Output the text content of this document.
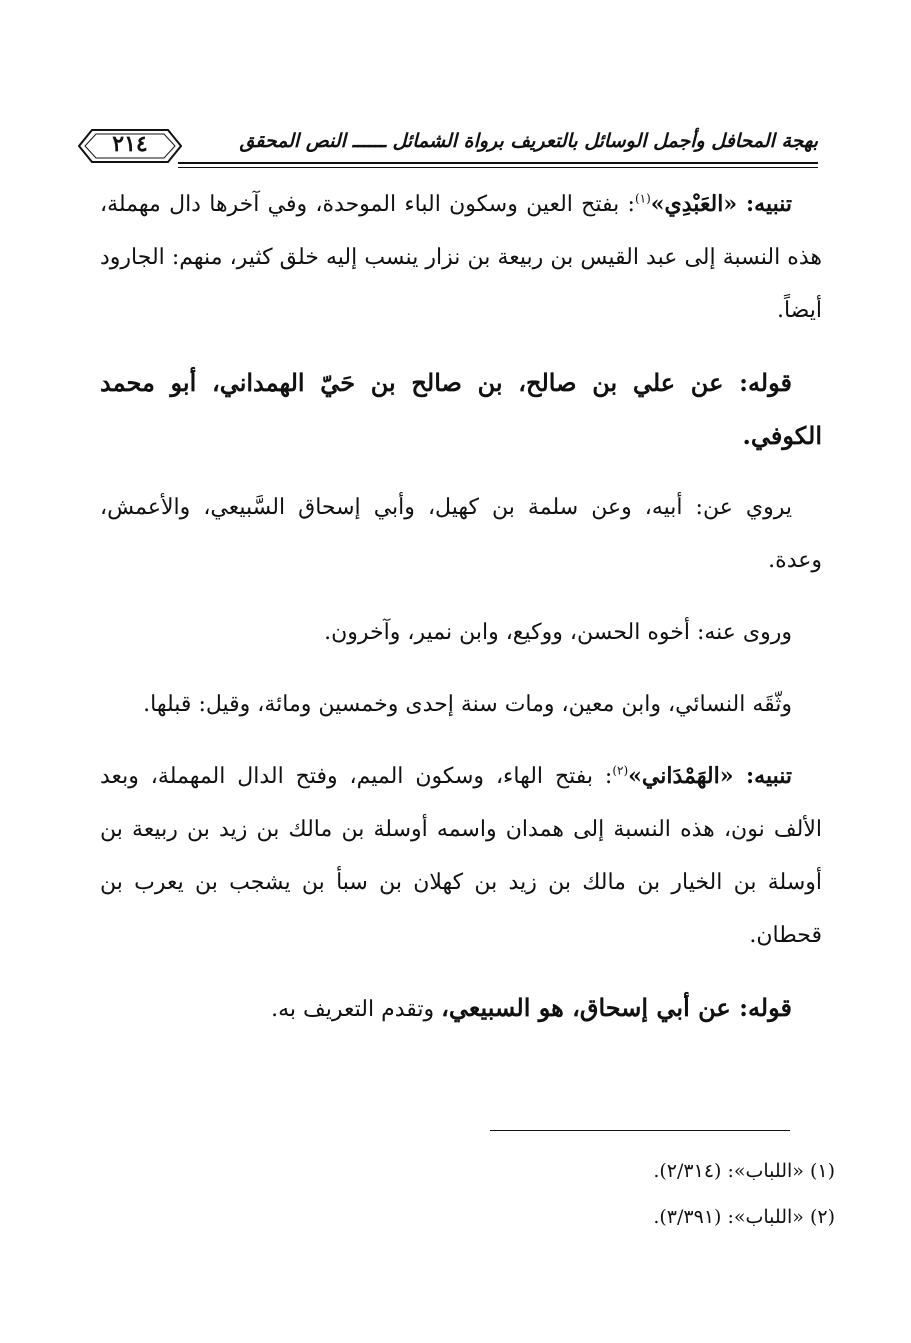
بهجة المحافل وأجمل الوسائل بالتعريف برواة الشمائل ــــــ النص المحقق
٢١٤

تنبيه: «العَبْدِي»$^{(١)}$: بفتح العين وسكون الباء الموحدة، وفي آخرها دال مهملة، هذه النسبة إلى عبد القيس بن ربيعة بن نزار ينسب إليه خلق كثير، منهم: الجارود أيضاً.

قوله: عن علي بن صالح، بن صالح بن حَيّ الهمداني، أبو محمد الكوفي.

يروي عن: أبيه، وعن سلمة بن كهيل، وأبي إسحاق السَّبيعي، والأعمش، وعدة.

وروى عنه: أخوه الحسن، ووكيع، وابن نمير، وآخرون.

وثّقَه النسائي، وابن معين، ومات سنة إحدى وخمسين ومائة، وقيل: قبلها.

تنبيه: «الهَمْدَاني»$^{(٢)}$: بفتح الهاء، وسكون الميم، وفتح الدال المهملة، وبعد الألف نون، هذه النسبة إلى همدان واسمه أوسلة بن مالك بن زيد بن ربيعة بن أوسلة بن الخيار بن مالك بن زيد بن كهلان بن سبأ بن يشجب بن يعرب بن قحطان.

قوله: عن أبي إسحاق، هو السبيعي، وتقدم التعريف به.

(١) «اللباب»: (٢/٣١٤).
(٢) «اللباب»: (٣/٣٩١).
